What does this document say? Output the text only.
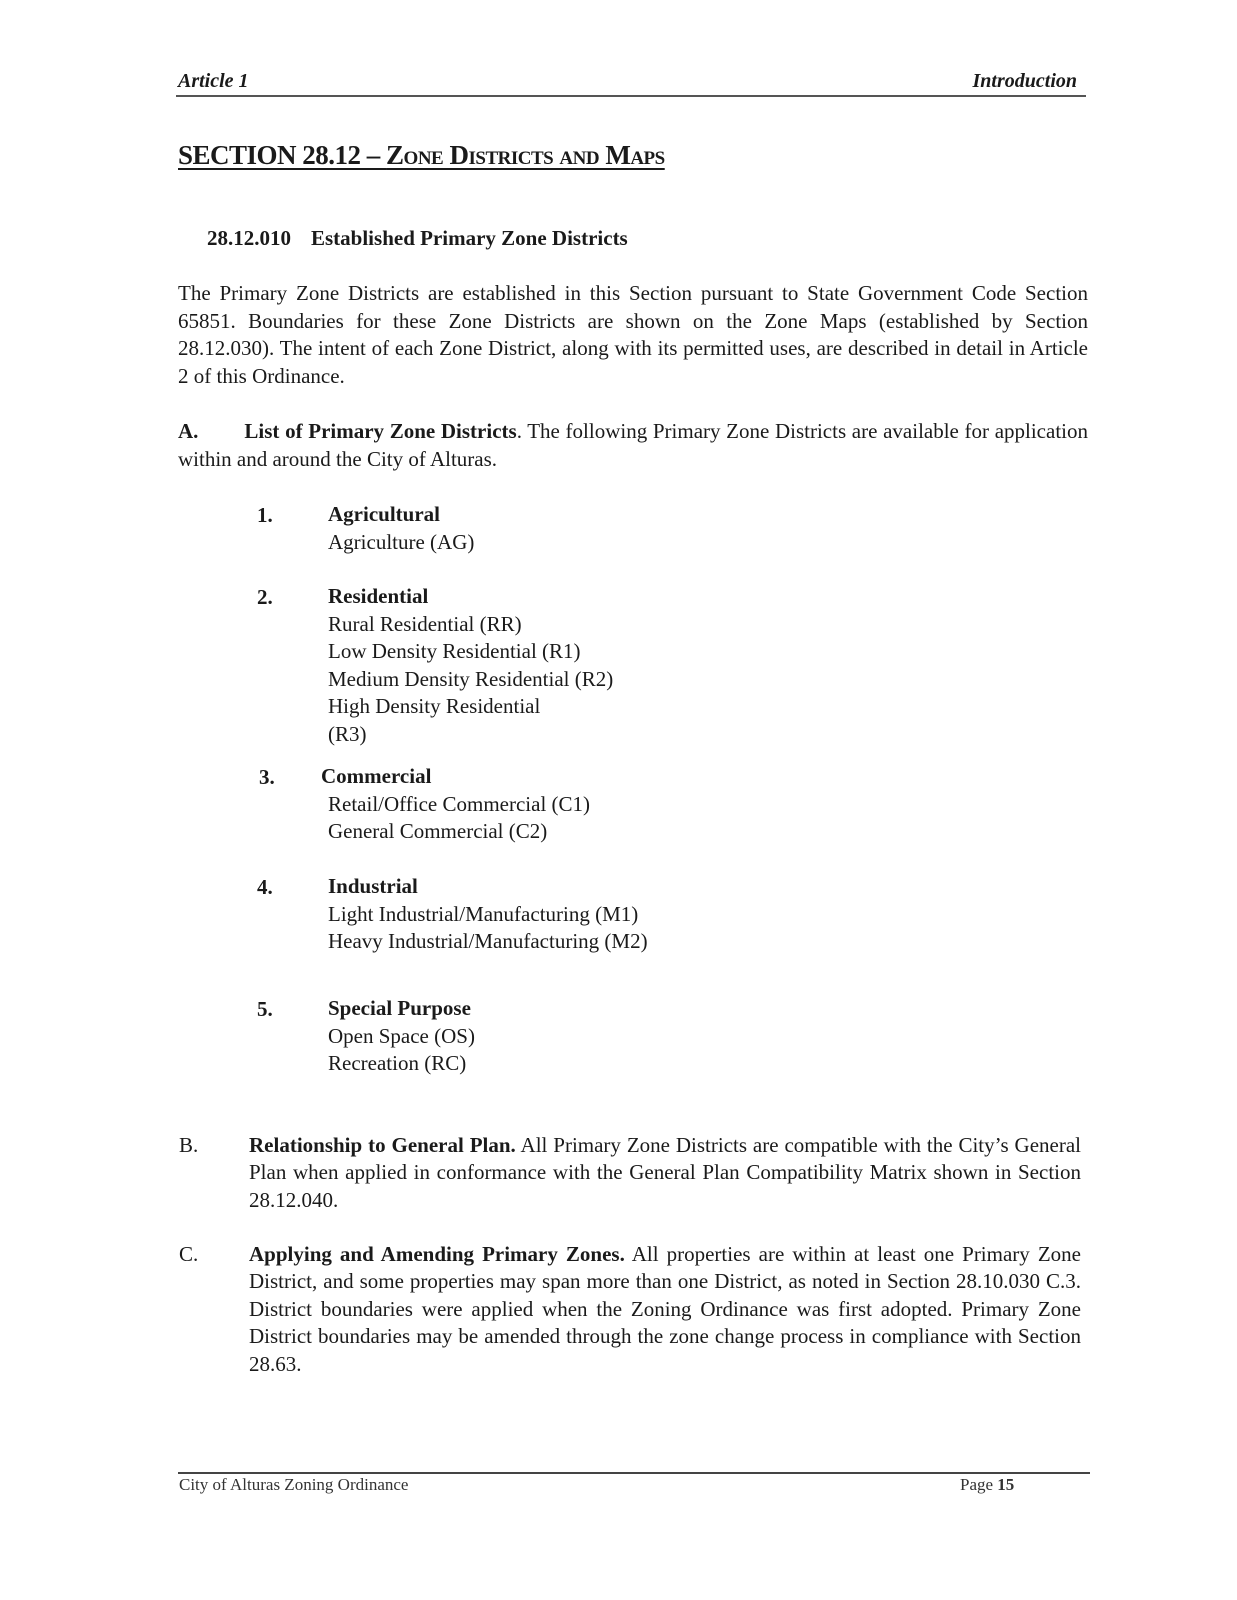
Article 1	Introduction
SECTION 28.12 – Zone Districts and Maps
28.12.010 Established Primary Zone Districts
The Primary Zone Districts are established in this Section pursuant to State Government Code Section 65851. Boundaries for these Zone Districts are shown on the Zone Maps (established by Section 28.12.030). The intent of each Zone District, along with its permitted uses, are described in detail in Article 2 of this Ordinance.
A. List of Primary Zone Districts. The following Primary Zone Districts are available for application within and around the City of Alturas.
1.	Agricultural
Agriculture (AG)
2.	Residential
Rural Residential (RR)
Low Density Residential (R1)
Medium Density Residential (R2)
High Density Residential
(R3)
3. Commercial
Retail/Office Commercial (C1)
General Commercial (C2)
4.	Industrial
Light Industrial/Manufacturing (M1)
Heavy Industrial/Manufacturing (M2)
5.	Special Purpose
Open Space (OS)
Recreation (RC)
B. Relationship to General Plan. All Primary Zone Districts are compatible with the City’s General Plan when applied in conformance with the General Plan Compatibility Matrix shown in Section 28.12.040.
C. Applying and Amending Primary Zones. All properties are within at least one Primary Zone District, and some properties may span more than one District, as noted in Section 28.10.030 C.3. District boundaries were applied when the Zoning Ordinance was first adopted. Primary Zone District boundaries may be amended through the zone change process in compliance with Section 28.63.
City of Alturas Zoning Ordinance	Page 15
